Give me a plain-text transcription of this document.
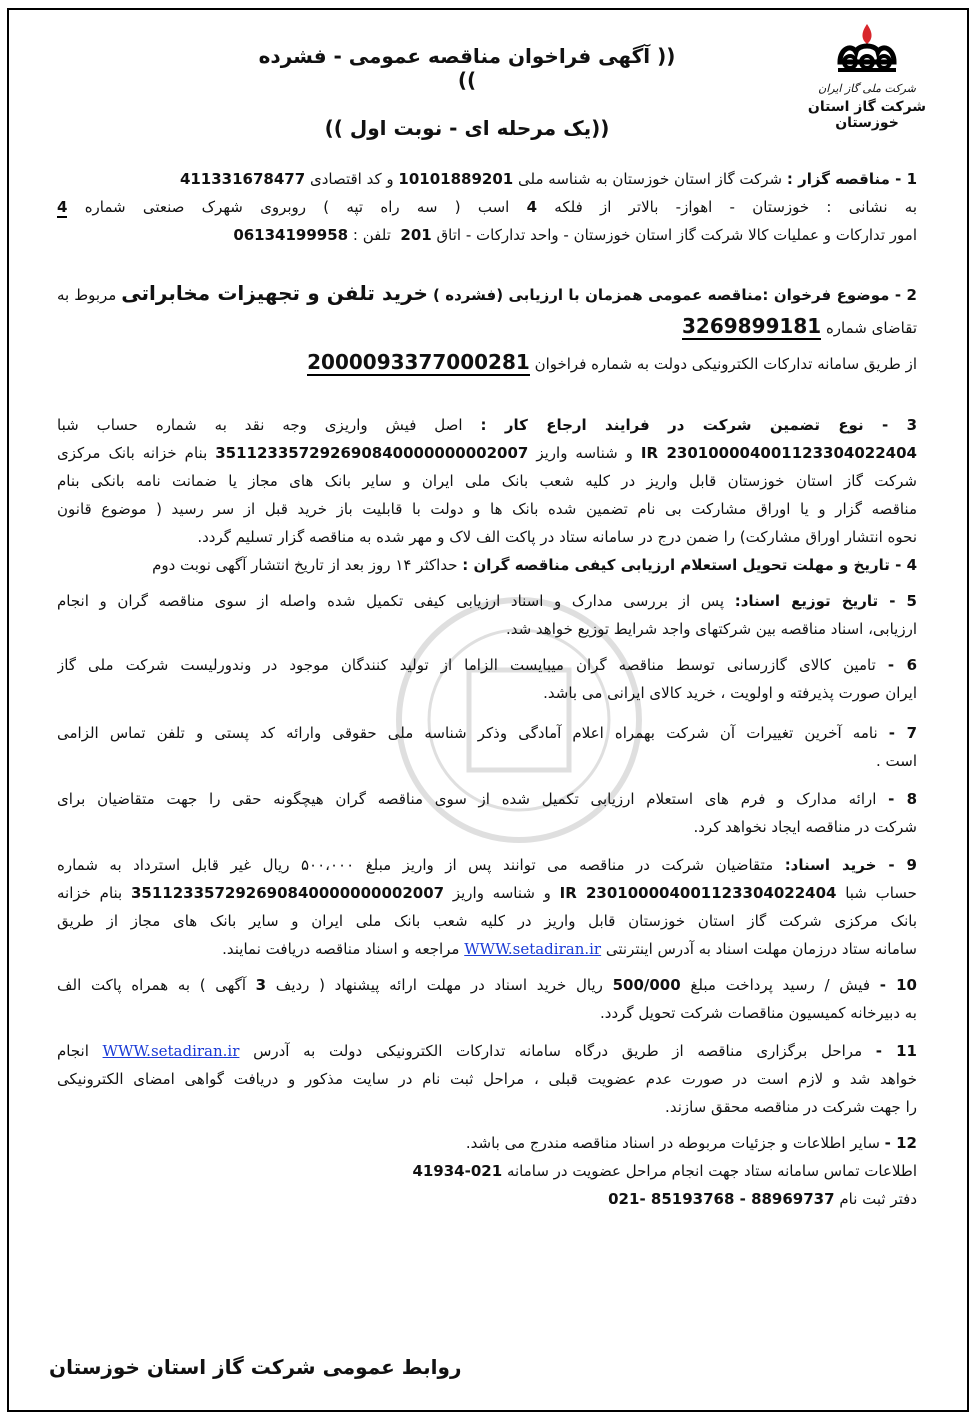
شرکت ملی گاز ایران
شرکت گاز استان خوزستان
(( آگهی فراخوان مناقصه عمومی - فشرده ))
((یک مرحله ای - نوبت اول ))
1 - مناقصه گزار : شرکت گاز استان خوزستان به شناسه ملی 10101889201 و کد اقتصادی 411331678477
به نشانی : خوزستان - اهواز- بالاتر از فلکه 4 اسب ( سه راه تپه ) روبروی شهرک صنعتی شماره 4
امور تدارکات و عملیات کالا شرکت گاز استان خوزستان - واحد تدارکات - اتاق 201  تلفن : 06134199958
2 - موضوع فرخوان :مناقصه عمومی همزمان با ارزیابی (فشرده ) خرید تلفن و تجهیزات مخابراتی مربوط به
تقاضای شماره 3269899181
از طریق سامانه تدارکات الکترونیکی دولت به شماره فراخوان 2000093377000281
3 - نوع تضمین شرکت در فرایند ارجاع کار : اصل فیش واریزی وجه نقد به شماره حساب شبا
IR 230100004001123304022404 و شناسه واریز 351123357292690840000000002007 بنام خزانه بانک مرکزی
شرکت گاز استان خوزستان قابل واریز در کلیه شعب بانک ملی ایران و سایر بانک های مجاز یا ضمانت نامه بانکی بنام
مناقصه گزار و یا اوراق مشارکت بی نام تضمین شده بانک ها و دولت با قابلیت باز خرید قبل از سر رسید ( موضوع قانون
نحوه انتشار اوراق مشارکت) را ضمن درج در سامانه ستاد در پاکت الف لاک و مهر شده به مناقصه گزار تسلیم گردد.
4 - تاریخ و مهلت تحویل استعلام ارزیابی کیفی مناقصه گران : حداکثر ۱۴ روز بعد از تاریخ انتشار آگهی نوبت دوم
5 - تاریخ توزیع اسناد: پس از بررسی مدارک و اسناد ارزیابی کیفی تکمیل شده واصله از سوی مناقصه گران و انجام
ارزیابی، اسناد مناقصه بین شرکتهای واجد شرایط توزیع خواهد شد.
6 - تامین کالای گازرسانی توسط مناقصه گران میبایست الزاما از تولید کنندگان موجود در وندورلیست شرکت ملی گاز
ایران صورت پذیرفته و اولویت ، خرید کالای ایرانی می باشد.
7 - نامه آخرین تغییرات آن شرکت بهمراه اعلام آمادگی وذکر شناسه ملی حقوقی وارائه کد پستی و تلفن تماس الزامی
است .
8 - ارائه مدارک و فرم های استعلام ارزیابی تکمیل شده از سوی مناقصه گران هیچگونه حقی را جهت متقاضیان برای
شرکت در مناقصه ایجاد نخواهد کرد.
9 - خرید اسناد: متقاضیان شرکت در مناقصه می توانند پس از واریز مبلغ ۵۰۰،۰۰۰ ریال غیر قابل استرداد به شماره
حساب شبا IR 230100004001123304022404 و شناسه واریز 351123357292690840000000002007 بنام خزانه
بانک مرکزی شرکت گاز استان خوزستان قابل واریز در کلیه شعب بانک ملی ایران و سایر بانک های مجاز از طریق
سامانه ستاد درزمان مهلت اسناد به آدرس اینترنتی WWW.setadiran.ir مراجعه و اسناد مناقصه دریافت نمایند.
10 - فیش / رسید پرداخت مبلغ 500/000 ریال خرید اسناد در مهلت ارائه پیشنهاد ( ردیف 3 آگهی ) به همراه پاکت الف
به دبیرخانه کمیسیون مناقصات شرکت تحویل گردد.
11 - مراحل برگزاری مناقصه از طریق درگاه سامانه تدارکات الکترونیکی دولت به آدرس WWW.setadiran.ir انجام
خواهد شد و لازم است در صورت عدم عضویت قبلی ، مراحل ثبت نام در سایت مذکور و دریافت گواهی امضای الکترونیکی
را جهت شرکت در مناقصه محقق سازند.
12 - سایر اطلاعات و جزئیات مربوطه در اسناد مناقصه مندرج می باشد.
اطلاعات تماس سامانه ستاد جهت انجام مراحل عضویت در سامانه 021-41934
دفتر ثبت نام 88969737 - 85193768 -021
روابط عمومی شرکت گاز استان خوزستان
